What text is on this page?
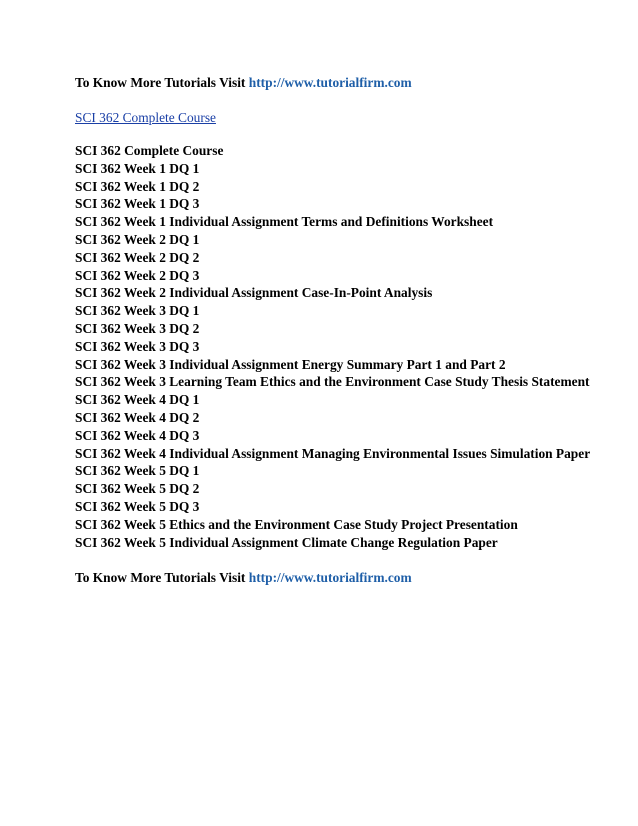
To Know More Tutorials Visit http://www.tutorialfirm.com
SCI 362 Complete Course
SCI 362 Complete Course
SCI 362 Week 1 DQ 1
SCI 362 Week 1 DQ 2
SCI 362 Week 1 DQ 3
SCI 362 Week 1 Individual Assignment Terms and Definitions Worksheet
SCI 362 Week 2 DQ 1
SCI 362 Week 2 DQ 2
SCI 362 Week 2 DQ 3
SCI 362 Week 2 Individual Assignment Case-In-Point Analysis
SCI 362 Week 3 DQ 1
SCI 362 Week 3 DQ 2
SCI 362 Week 3 DQ 3
SCI 362 Week 3 Individual Assignment Energy Summary Part 1 and Part 2
SCI 362 Week 3 Learning Team Ethics and the Environment Case Study Thesis Statement
SCI 362 Week 4 DQ 1
SCI 362 Week 4 DQ 2
SCI 362 Week 4 DQ 3
SCI 362 Week 4 Individual Assignment Managing Environmental Issues Simulation Paper
SCI 362 Week 5 DQ 1
SCI 362 Week 5 DQ 2
SCI 362 Week 5 DQ 3
SCI 362 Week 5 Ethics and the Environment Case Study Project Presentation
SCI 362 Week 5 Individual Assignment Climate Change Regulation Paper
To Know More Tutorials Visit http://www.tutorialfirm.com
